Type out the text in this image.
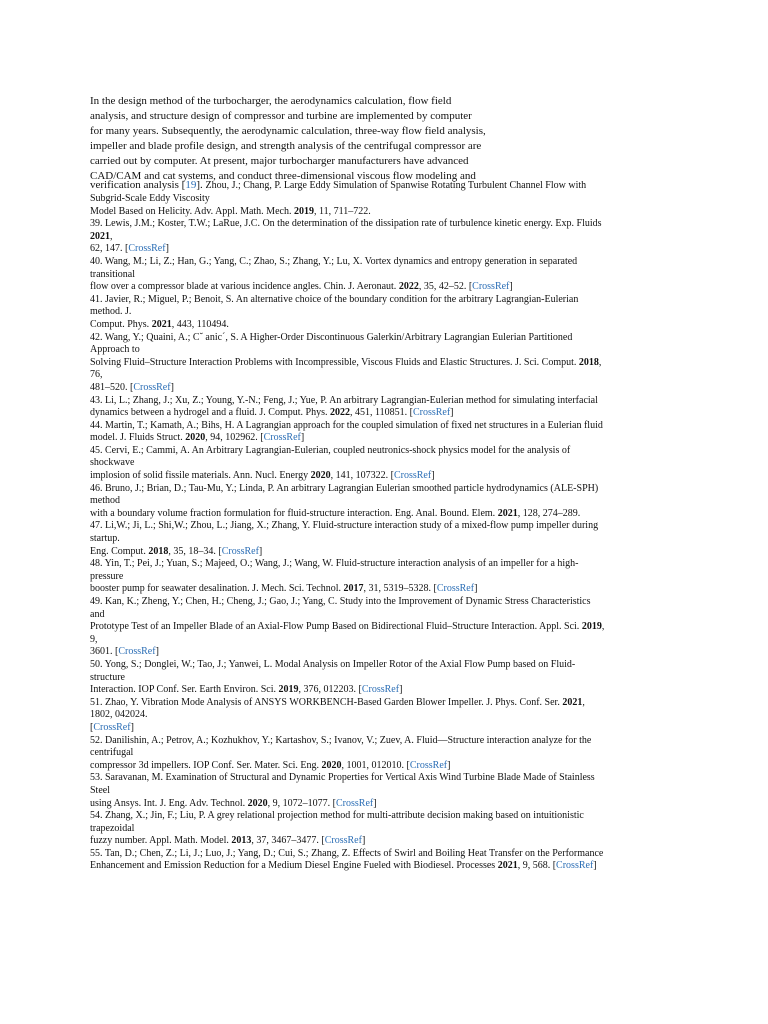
In the design method of the turbocharger, the aerodynamics calculation, flow field
analysis, and structure design of compressor and turbine are implemented by computer
for many years. Subsequently, the aerodynamic calculation, three-way flow field analysis,
impeller and blade profile design, and strength analysis of the centrifugal compressor are
carried out by computer. At present, major turbocharger manufacturers have advanced
CAD/CAM and cat systems, and conduct three-dimensional viscous flow modeling and

verification analysis [19]. Zhou, J.; Chang, P. Large Eddy Simulation of Spanwise Rotating Turbulent Channel Flow with
Subgrid-Scale Eddy Viscosity
Model Based on Helicity. Adv. Appl. Math. Mech. 2019, 11, 711–722.
39. Lewis, J.M.; Koster, T.W.; LaRue, J.C. On the determination of the dissipation rate of turbulence kinetic energy. Exp. Fluids
2021,
62, 147. [CrossRef]
40. Wang, M.; Li, Z.; Han, G.; Yang, C.; Zhao, S.; Zhang, Y.; Lu, X. Vortex dynamics and entropy generation in separated
transitional
flow over a compressor blade at various incidence angles. Chin. J. Aeronaut. 2022, 35, 42–52. [CrossRef]
41. Javier, R.; Miguel, P.; Benoit, S. An alternative choice of the boundary condition for the arbitrary Lagrangian-Eulerian
method. J.
Comput. Phys. 2021, 443, 110494.
42. Wang, Y.; Quaini, A.; C˘ anic´, S. A Higher-Order Discontinuous Galerkin/Arbitrary Lagrangian Eulerian Partitioned
Approach to
Solving Fluid–Structure Interaction Problems with Incompressible, Viscous Fluids and Elastic Structures. J. Sci. Comput. 2018,
76,
481–520. [CrossRef]
43. Li, L.; Zhang, J.; Xu, Z.; Young, Y.-N.; Feng, J.; Yue, P. An arbitrary Lagrangian-Eulerian method for simulating interfacial
dynamics between a hydrogel and a fluid. J. Comput. Phys. 2022, 451, 110851. [CrossRef]
44. Martin, T.; Kamath, A.; Bihs, H. A Lagrangian approach for the coupled simulation of fixed net structures in a Eulerian fluid
model. J. Fluids Struct. 2020, 94, 102962. [CrossRef]
45. Cervi, E.; Cammi, A. An Arbitrary Lagrangian-Eulerian, coupled neutronics-shock physics model for the analysis of
shockwave
implosion of solid fissile materials. Ann. Nucl. Energy 2020, 141, 107322. [CrossRef]
46. Bruno, J.; Brian, D.; Tau-Mu, Y.; Linda, P. An arbitrary Lagrangian Eulerian smoothed particle hydrodynamics (ALE-SPH)
method
with a boundary volume fraction formulation for fluid-structure interaction. Eng. Anal. Bound. Elem. 2021, 128, 274–289.
47. Li,W.; Ji, L.; Shi,W.; Zhou, L.; Jiang, X.; Zhang, Y. Fluid-structure interaction study of a mixed-flow pump impeller during
startup.
Eng. Comput. 2018, 35, 18–34. [CrossRef]
48. Yin, T.; Pei, J.; Yuan, S.; Majeed, O.; Wang, J.; Wang, W. Fluid-structure interaction analysis of an impeller for a high-
pressure
booster pump for seawater desalination. J. Mech. Sci. Technol. 2017, 31, 5319–5328. [CrossRef]
49. Kan, K.; Zheng, Y.; Chen, H.; Cheng, J.; Gao, J.; Yang, C. Study into the Improvement of Dynamic Stress Characteristics
and
Prototype Test of an Impeller Blade of an Axial-Flow Pump Based on Bidirectional Fluid–Structure Interaction. Appl. Sci. 2019,
9,
3601. [CrossRef]
50. Yong, S.; Donglei, W.; Tao, J.; Yanwei, L. Modal Analysis on Impeller Rotor of the Axial Flow Pump based on Fluid-
structure
Interaction. IOP Conf. Ser. Earth Environ. Sci. 2019, 376, 012203. [CrossRef]
51. Zhao, Y. Vibration Mode Analysis of ANSYS WORKBENCH-Based Garden Blower Impeller. J. Phys. Conf. Ser. 2021,
1802, 042024.
[CrossRef]
52. Danilishin, A.; Petrov, A.; Kozhukhov, Y.; Kartashov, S.; Ivanov, V.; Zuev, A. Fluid—Structure interaction analyze for the
centrifugal
compressor 3d impellers. IOP Conf. Ser. Mater. Sci. Eng. 2020, 1001, 012010. [CrossRef]
53. Saravanan, M. Examination of Structural and Dynamic Properties for Vertical Axis Wind Turbine Blade Made of Stainless
Steel
using Ansys. Int. J. Eng. Adv. Technol. 2020, 9, 1072–1077. [CrossRef]
54. Zhang, X.; Jin, F.; Liu, P. A grey relational projection method for multi-attribute decision making based on intuitionistic
trapezoidal
fuzzy number. Appl. Math. Model. 2013, 37, 3467–3477. [CrossRef]
55. Tan, D.; Chen, Z.; Li, J.; Luo, J.; Yang, D.; Cui, S.; Zhang, Z. Effects of Swirl and Boiling Heat Transfer on the Performance
Enhancement and Emission Reduction for a Medium Diesel Engine Fueled with Biodiesel. Processes 2021, 9, 568. [CrossRef]
